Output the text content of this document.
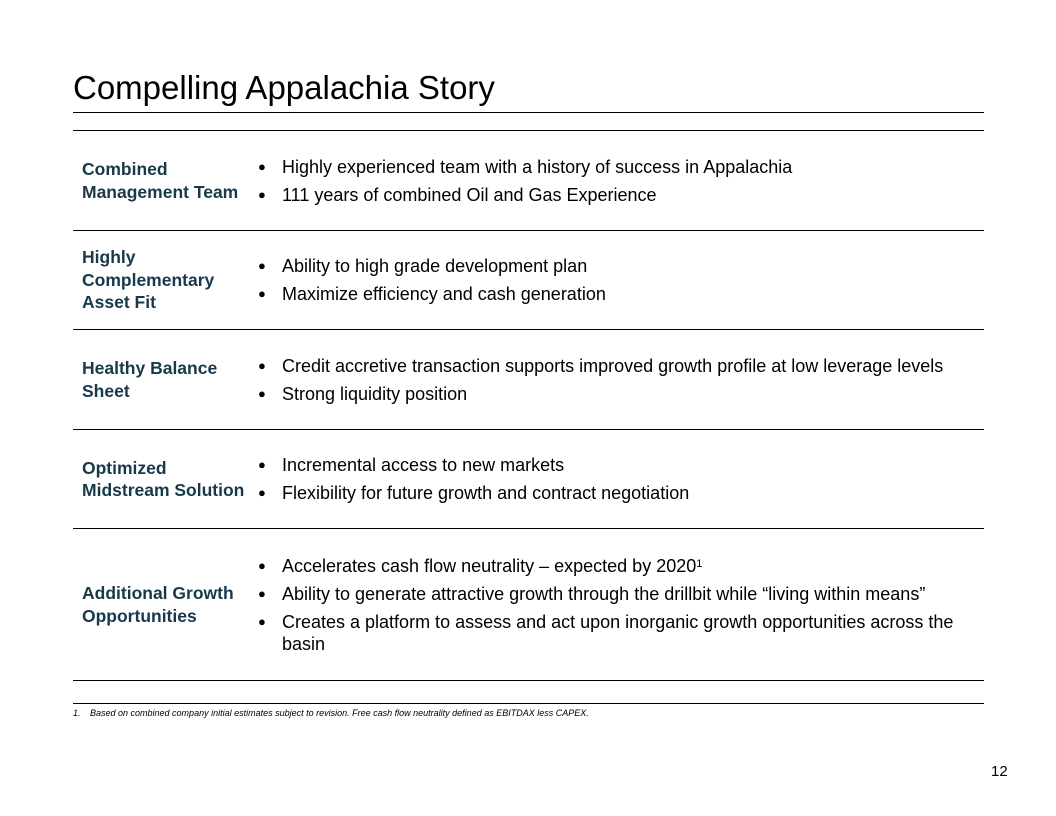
Compelling Appalachia Story
Combined Management Team
● Highly experienced team with a history of success in Appalachia
● 111 years of combined Oil and Gas Experience
Highly Complementary Asset Fit
● Ability to high grade development plan
● Maximize efficiency and cash generation
Healthy Balance Sheet
● Credit accretive transaction supports improved growth profile at low leverage levels
● Strong liquidity position
Optimized Midstream Solution
● Incremental access to new markets
● Flexibility for future growth and contract negotiation
Additional Growth Opportunities
● Accelerates cash flow neutrality – expected by 2020$^1$
● Ability to generate attractive growth through the drillbit while “living within means”
● Creates a platform to assess and act upon inorganic growth opportunities across the basin
1. Based on combined company initial estimates subject to revision. Free cash flow neutrality defined as EBITDAX less CAPEX.
12
